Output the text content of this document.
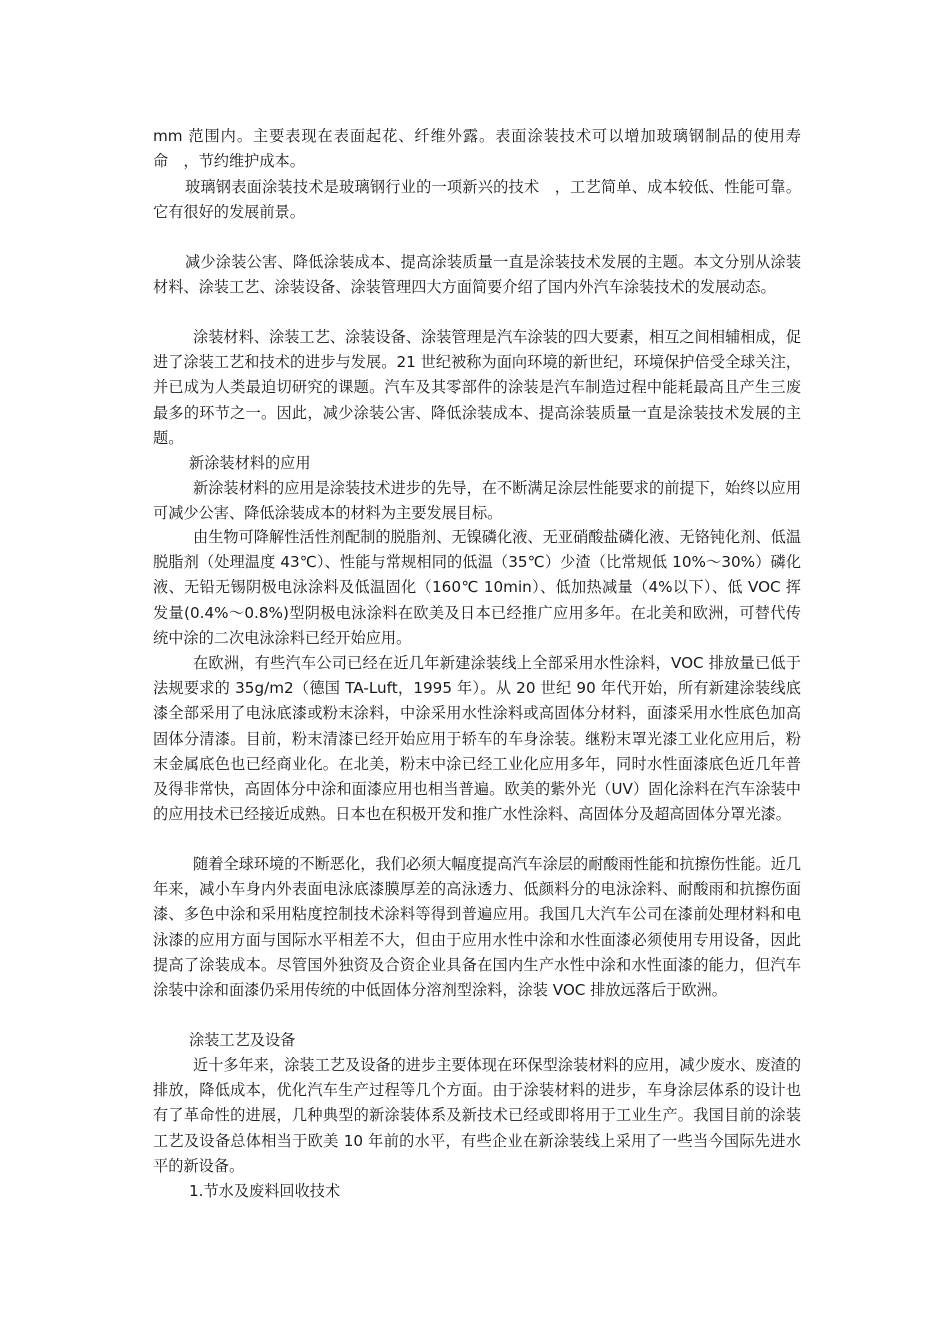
mm 范围内。主要表现在表面起花、纤维外露。表面涂装技术可以增加玻璃钢制品的使用寿命　，节约维护成本。

玻璃钢表面涂装技术是玻璃钢行业的一项新兴的技术　，工艺简单、成本较低、性能可靠。它有很好的发展前景。

减少涂装公害、降低涂装成本、提高涂装质量一直是涂装技术发展的主题。本文分别从涂装材料、涂装工艺、涂装设备、涂装管理四大方面简要介绍了国内外汽车涂装技术的发展动态。

涂装材料、涂装工艺、涂装设备、涂装管理是汽车涂装的四大要素，相互之间相辅相成，促进了涂装工艺和技术的进步与发展。21 世纪被称为面向环境的新世纪，环境保护倍受全球关注，并已成为人类最迫切研究的课题。汽车及其零部件的涂装是汽车制造过程中能耗最高且产生三废最多的环节之一。因此，减少涂装公害、降低涂装成本、提高涂装质量一直是涂装技术发展的主题。

新涂装材料的应用

新涂装材料的应用是涂装技术进步的先导，在不断满足涂层性能要求的前提下，始终以应用可减少公害、降低涂装成本的材料为主要发展目标。

由生物可降解性活性剂配制的脱脂剂、无镍磷化液、无亚硝酸盐磷化液、无铬钝化剂、低温脱脂剂（处理温度 43℃）、性能与常规相同的低温（35℃）少渣（比常规低 10%～30%）磷化液、无铅无锡阴极电泳涂料及低温固化（160℃ 10min）、低加热减量（4%以下）、低 VOC 挥发量(0.4%～0.8%)型阴极电泳涂料在欧美及日本已经推广应用多年。在北美和欧洲，可替代传统中涂的二次电泳涂料已经开始应用。

在欧洲，有些汽车公司已经在近几年新建涂装线上全部采用水性涂料，VOC 排放量已低于法规要求的 35g/m2（德国 TA-Luft，1995 年）。从 20 世纪 90 年代开始，所有新建涂装线底漆全部采用了电泳底漆或粉末涂料，中涂采用水性涂料或高固体分材料，面漆采用水性底色加高固体分清漆。目前，粉末清漆已经开始应用于轿车的车身涂装。继粉末罩光漆工业化应用后，粉末金属底色也已经商业化。在北美，粉末中涂已经工业化应用多年，同时水性面漆底色近几年普及得非常快，高固体分中涂和面漆应用也相当普遍。欧美的紫外光（UV）固化涂料在汽车涂装中的应用技术已经接近成熟。日本也在积极开发和推广水性涂料、高固体分及超高固体分罩光漆。

随着全球环境的不断恶化，我们必须大幅度提高汽车涂层的耐酸雨性能和抗擦伤性能。近几年来，减小车身内外表面电泳底漆膜厚差的高泳透力、低颜料分的电泳涂料、耐酸雨和抗擦伤面漆、多色中涂和采用粘度控制技术涂料等得到普遍应用。我国几大汽车公司在漆前处理材料和电泳漆的应用方面与国际水平相差不大，但由于应用水性中涂和水性面漆必须使用专用设备，因此提高了涂装成本。尽管国外独资及合资企业具备在国内生产水性中涂和水性面漆的能力，但汽车涂装中涂和面漆仍采用传统的中低固体分溶剂型涂料，涂装 VOC 排放远落后于欧洲。

涂装工艺及设备

近十多年来，涂装工艺及设备的进步主要体现在环保型涂装材料的应用，减少废水、废渣的排放，降低成本，优化汽车生产过程等几个方面。由于涂装材料的进步，车身涂层体系的设计也有了革命性的进展，几种典型的新涂装体系及新技术已经或即将用于工业生产。我国目前的涂装工艺及设备总体相当于欧美 10 年前的水平，有些企业在新涂装线上采用了一些当今国际先进水平的新设备。

1.节水及废料回收技术
